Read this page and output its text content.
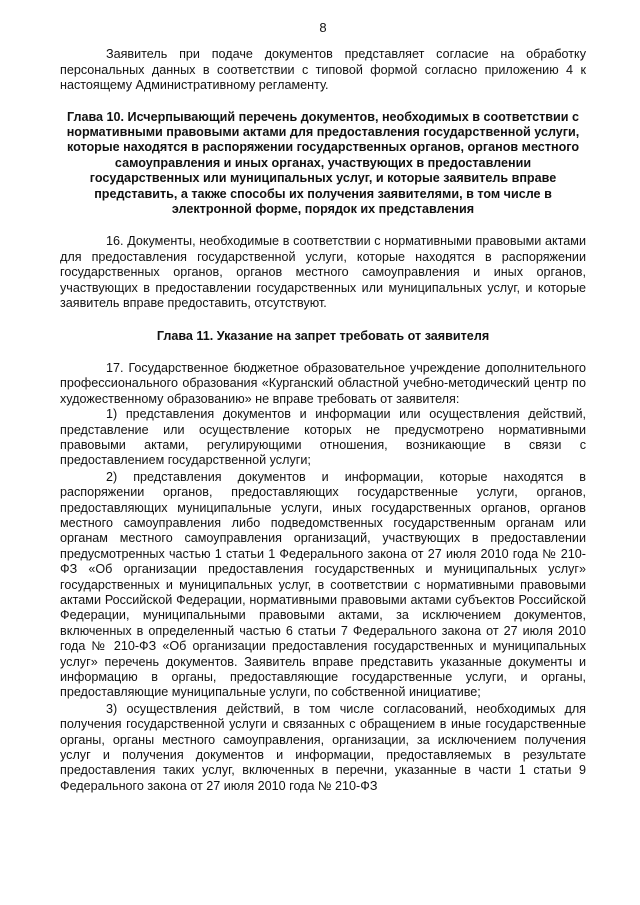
8

Заявитель при подаче документов представляет согласие на обработку персональных данных в соответствии с типовой формой согласно приложению 4 к настоящему Административному регламенту.

Глава 10. Исчерпывающий перечень документов, необходимых в соответствии с нормативными правовыми актами для предоставления государственной услуги, которые находятся в распоряжении государственных органов, органов местного самоуправления и иных органах, участвующих в предоставлении государственных или муниципальных услуг, и которые заявитель вправе представить, а также способы их получения заявителями, в том числе в электронной форме, порядок их представления

16. Документы, необходимые в соответствии с нормативными правовыми актами для предоставления государственной услуги, которые находятся в распоряжении государственных органов, органов местного самоуправления и иных органов, участвующих в предоставлении государственных или муниципальных услуг, и которые заявитель вправе предоставить, отсутствуют.

Глава 11. Указание на запрет требовать от заявителя

17. Государственное бюджетное образовательное учреждение дополнительного профессионального образования «Курганский областной учебно-методический центр по художественному образованию» не вправе требовать от заявителя:

1) представления документов и информации или осуществления действий, представление или осуществление которых не предусмотрено нормативными правовыми актами, регулирующими отношения, возникающие в связи с предоставлением государственной услуги;

2) представления документов и информации, которые находятся в распоряжении органов, предоставляющих государственные услуги, органов, предоставляющих муниципальные услуги, иных государственных органов, органов местного самоуправления либо подведомственных государственным органам или органам местного самоуправления организаций, участвующих в предоставлении предусмотренных частью 1 статьи 1 Федерального закона от 27 июля 2010 года № 210-ФЗ «Об организации предоставления государственных и муниципальных услуг» государственных и муниципальных услуг, в соответствии с нормативными правовыми актами Российской Федерации, нормативными правовыми актами субъектов Российской Федерации, муниципальными правовыми актами, за исключением документов, включенных в определенный частью 6 статьи 7 Федерального закона от 27 июля 2010 года № 210-ФЗ «Об организации предоставления государственных и муниципальных услуг» перечень документов. Заявитель вправе представить указанные документы и информацию в органы, предоставляющие государственные услуги, и органы, предоставляющие муниципальные услуги, по собственной инициативе;

3) осуществления действий, в том числе согласований, необходимых для получения государственной услуги и связанных с обращением в иные государственные органы, органы местного самоуправления, организации, за исключением получения услуг и получения документов и информации, предоставляемых в результате предоставления таких услуг, включенных в перечни, указанные в части 1 статьи 9 Федерального закона от 27 июля 2010 года № 210-ФЗ
